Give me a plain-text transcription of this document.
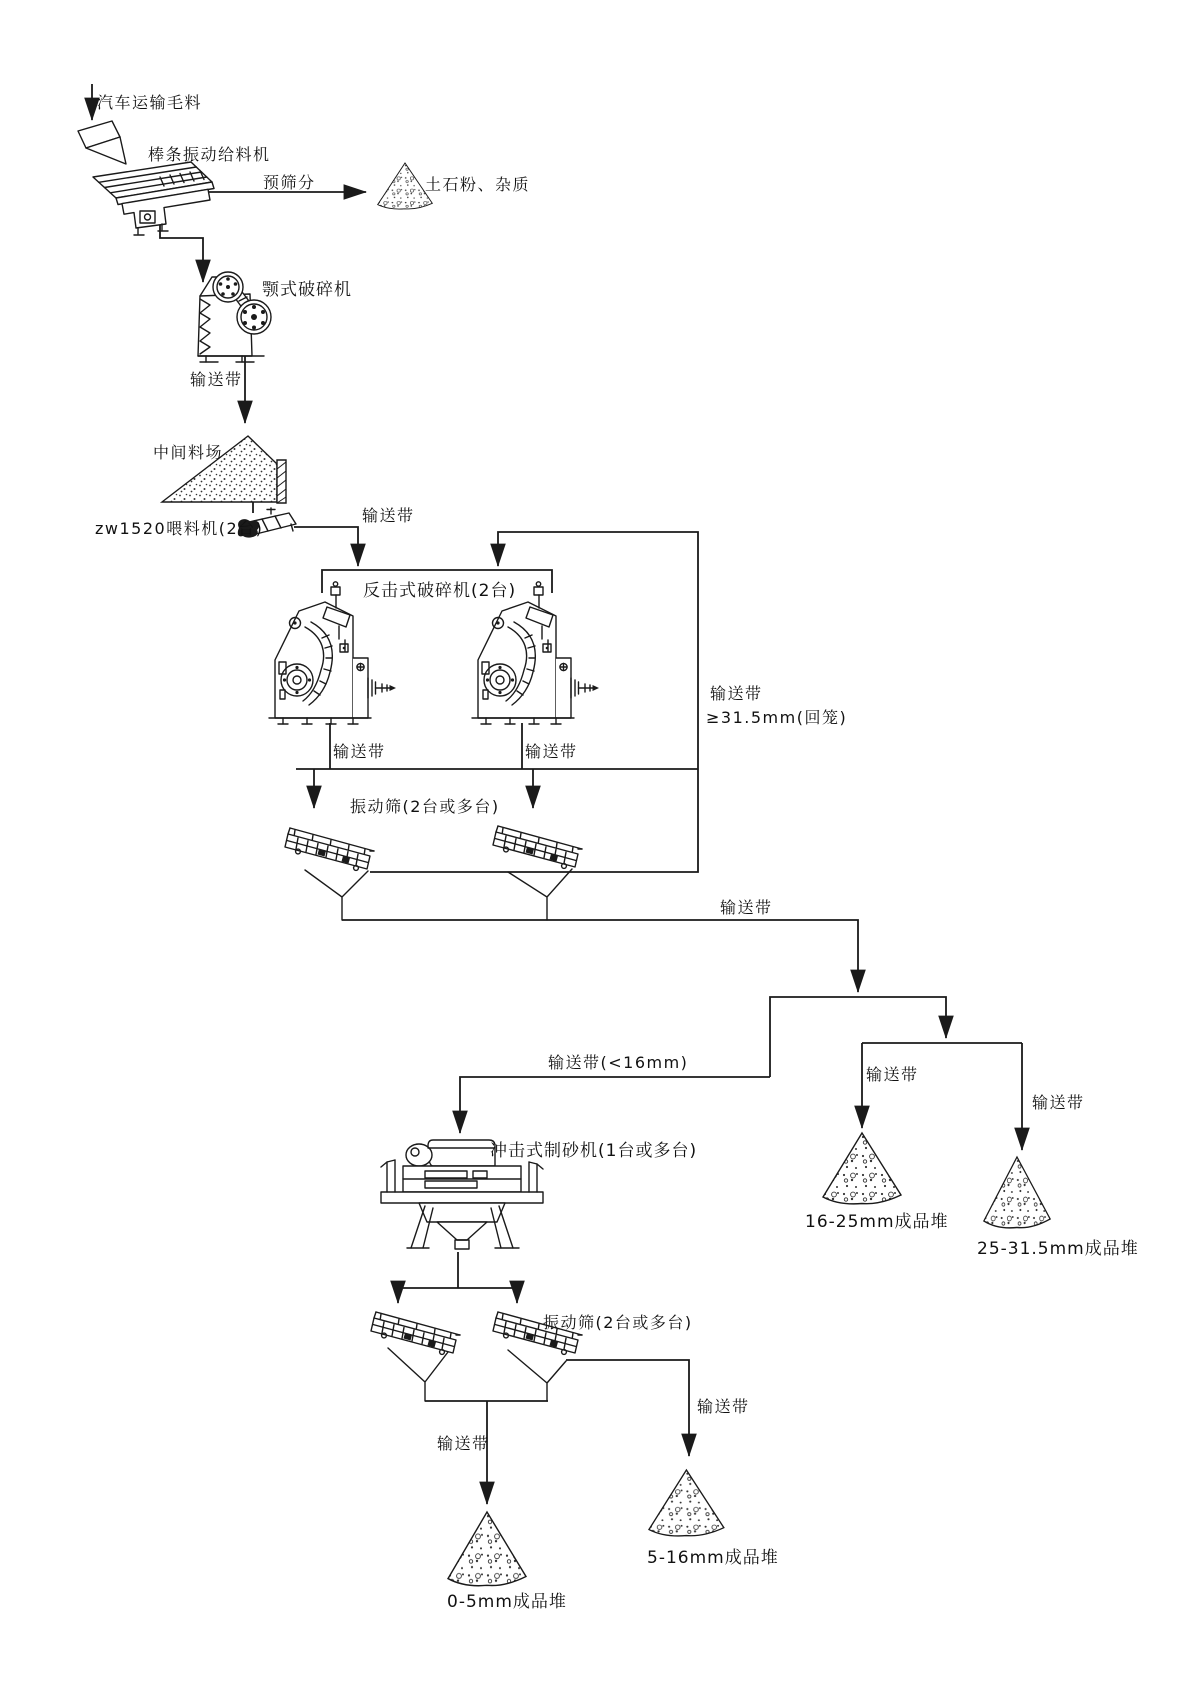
汽车运输毛料
棒条振动给料机
预筛分	土石粉、杂质
颚式破碎机
输送带
中间料场
zw1520喂料机(2台)
输送带
反击式破碎机(2台)
输送带
≥31.5mm(回笼)
输送带	输送带
振动筛(2台或多台)
输送带
输送带(<16mm)
冲击式制砂机(1台或多台)
输送带
输送带
16-25mm成品堆
25-31.5mm成品堆
振动筛(2台或多台)
输送带
输送带
0-5mm成品堆
5-16mm成品堆
